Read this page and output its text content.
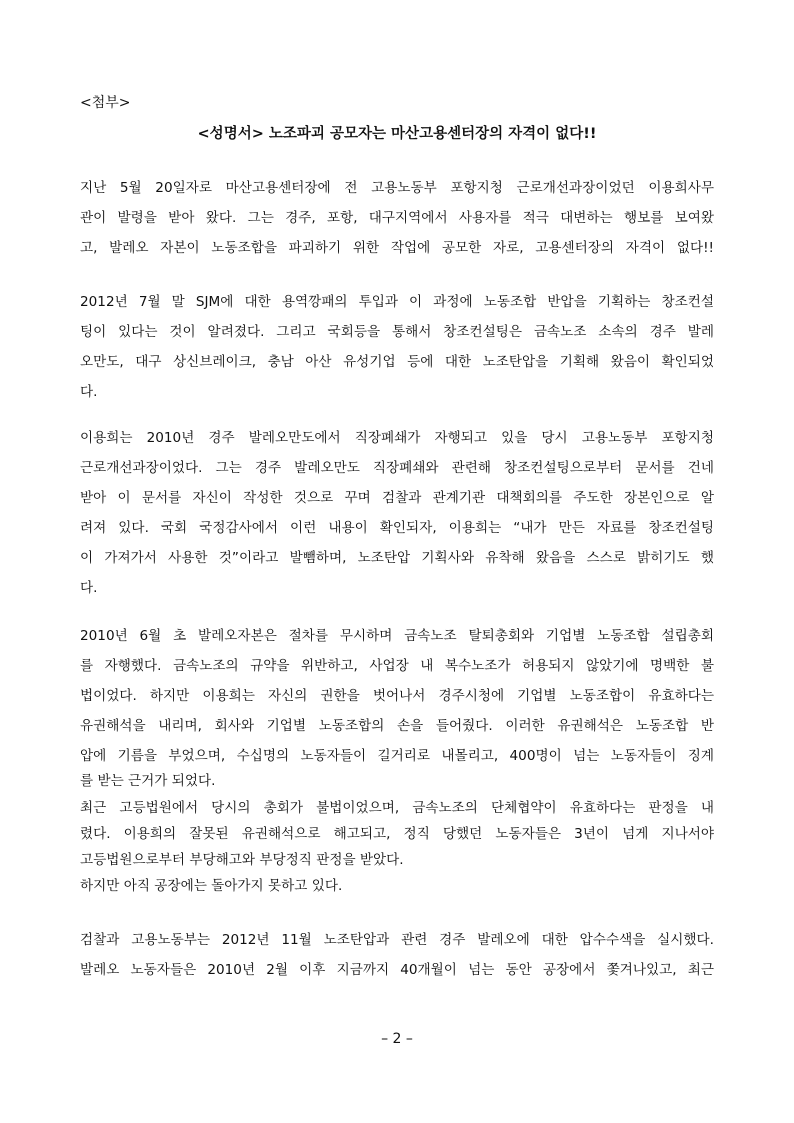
<첨부>
<성명서> 노조파괴 공모자는 마산고용센터장의 자격이 없다!!
지난 5월 20일자로 마산고용센터장에 전 고용노동부 포항지청 근로개선과장이었던 이용희사무
관이 발령을 받아 왔다. 그는 경주, 포항, 대구지역에서 사용자를 적극 대변하는 행보를 보여왔
고, 발레오 자본이 노동조합을 파괴하기 위한 작업에 공모한 자로, 고용센터장의 자격이 없다!!
2012년 7월 말 SJM에 대한 용역깡패의 투입과 이 과정에 노동조합 반압을 기획하는 창조컨설
팅이 있다는 것이 알려졌다. 그리고 국회등을 통해서 창조컨설팅은 금속노조 소속의 경주 발레
오만도, 대구 상신브레이크, 충남 아산 유성기업 등에 대한 노조탄압을 기획해 왔음이 확인되었
다.
이용희는 2010년 경주 발레오만도에서 직장폐쇄가 자행되고 있을 당시 고용노동부 포항지청
근로개선과장이었다. 그는 경주 발레오만도 직장폐쇄와 관련해 창조컨설팅으로부터 문서를 건네
받아 이 문서를 자신이 작성한 것으로 꾸며 검찰과 관계기관 대책회의를 주도한 장본인으로 알
려져 있다. 국회 국정감사에서 이런 내용이 확인되자, 이용희는 “내가 만든 자료를 창조컨설팅
이 가져가서 사용한 것”이라고 발뺌하며, 노조탄압 기획사와 유착해 왔음을 스스로 밝히기도 했
다.
2010년 6월 초 발레오자본은 절차를 무시하며 금속노조 탈퇴총회와 기업별 노동조합 설립총회
를 자행했다. 금속노조의 규약을 위반하고, 사업장 내 복수노조가 허용되지 않았기에 명백한 불
법이었다. 하지만 이용희는 자신의 권한을 벗어나서 경주시청에 기업별 노동조합이 유효하다는
유권해석을 내리며, 회사와 기업별 노동조합의 손을 들어줬다. 이러한 유권해석은 노동조합 반
압에 기름을 부었으며, 수십명의 노동자들이 길거리로 내몰리고, 400명이 넘는 노동자들이 징계
를 받는 근거가 되었다.
최근 고등법원에서 당시의 총회가 불법이었으며, 금속노조의 단체협약이 유효하다는 판정을 내
렸다. 이용희의 잘못된 유권해석으로 해고되고, 정직 당했던 노동자들은 3년이 넘게 지나서야
고등법원으로부터 부당해고와 부당정직 판정을 받았다.
하지만 아직 공장에는 돌아가지 못하고 있다.
검찰과 고용노동부는 2012년 11월 노조탄압과 관련 경주 발레오에 대한 압수수색을 실시했다.
발레오 노동자들은 2010년 2월 이후 지금까지 40개월이 넘는 동안 공장에서 쫓겨나있고, 최근
– 2 –
